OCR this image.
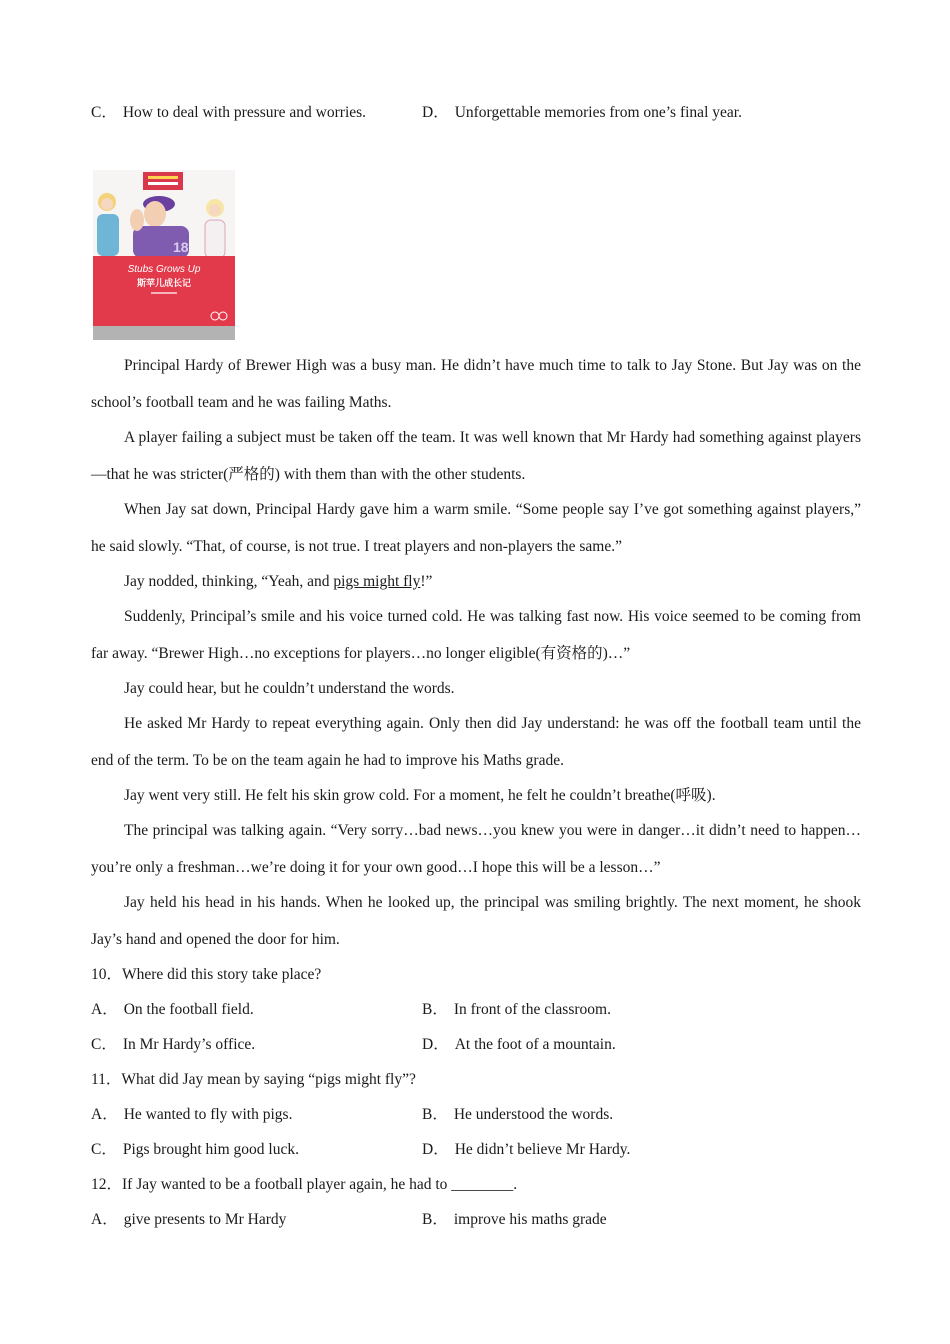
C． How to deal with pressure and worries.	D． Unforgettable memories from one’s final year.
18
Stubs Grows Up
斯苹儿成长记
Principal Hardy of Brewer High was a busy man. He didn’t have much time to talk to Jay Stone. But Jay was on the school’s football team and he was failing Maths.
A player failing a subject must be taken off the team. It was well known that Mr Hardy had something against players—that he was stricter(严格的) with them than with the other students.
When Jay sat down, Principal Hardy gave him a warm smile. “Some people say I’ve got something against players,” he said slowly. “That, of course, is not true. I treat players and non-players the same.”
Jay nodded, thinking, “Yeah, and pigs might fly!”
Suddenly, Principal’s smile and his voice turned cold. He was talking fast now. His voice seemed to be coming from far away. “Brewer High…no exceptions for players…no longer eligible(有资格的)…”
Jay could hear, but he couldn’t understand the words.
He asked Mr Hardy to repeat everything again. Only then did Jay understand: he was off the football team until the end of the term. To be on the team again he had to improve his Maths grade.
Jay went very still. He felt his skin grow cold. For a moment, he felt he couldn’t breathe(呼吸).
The principal was talking again. “Very sorry…bad news…you knew you were in danger…it didn’t need to happen…you’re only a freshman…we’re doing it for your own good…I hope this will be a lesson…”
Jay held his head in his hands. When he looked up, the principal was smiling brightly. The next moment, he shook Jay’s hand and opened the door for him.
10．Where did this story take place?
A． On the football field.	B． In front of the classroom.
C． In Mr Hardy’s office.	D． At the foot of a mountain.
11．What did Jay mean by saying “pigs might fly”?
A． He wanted to fly with pigs.	B． He understood the words.
C． Pigs brought him good luck.	D． He didn’t believe Mr Hardy.
12．If Jay wanted to be a football player again, he had to ________.
A． give presents to Mr Hardy	B． improve his maths grade
